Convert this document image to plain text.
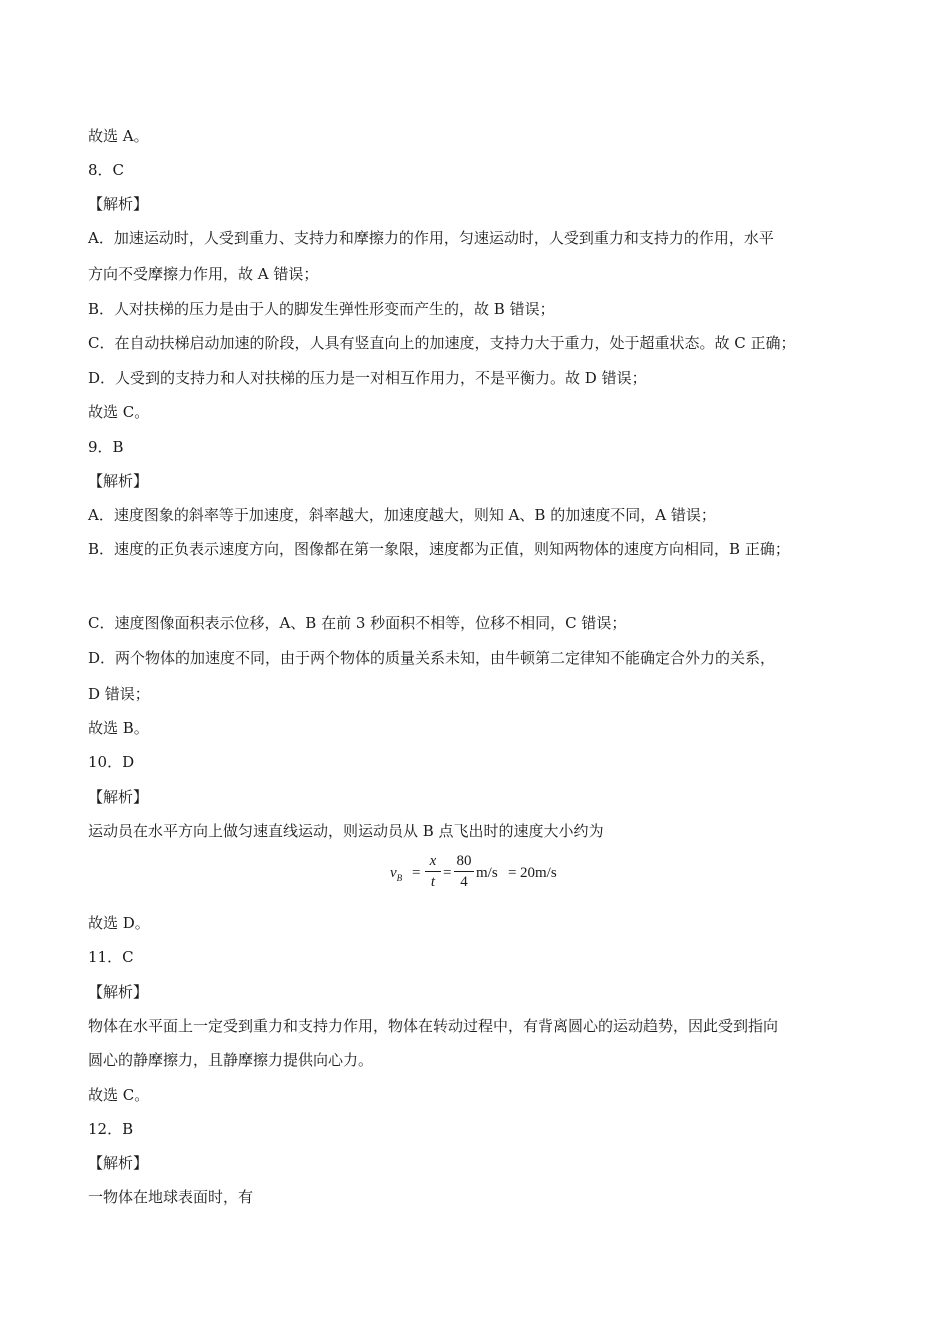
故选 A。
8．C
【解析】
A．加速运动时，人受到重力、支持力和摩擦力的作用，匀速运动时，人受到重力和支持力的作用，水平
方向不受摩擦力作用，故 A 错误；
B．人对扶梯的压力是由于人的脚发生弹性形变而产生的，故 B 错误；
C．在自动扶梯启动加速的阶段，人具有竖直向上的加速度，支持力大于重力，处于超重状态。故 C 正确；
D．人受到的支持力和人对扶梯的压力是一对相互作用力，不是平衡力。故 D 错误；
故选 C。
9．B
【解析】
A．速度图象的斜率等于加速度，斜率越大，加速度越大，则知 A、B 的加速度不同，A 错误；
B．速度的正负表示速度方向，图像都在第一象限，速度都为正值，则知两物体的速度方向相同，B 正确；
C．速度图像面积表示位移，A、B 在前 3 秒面积不相等，位移不相同，C 错误；
D．两个物体的加速度不同，由于两个物体的质量关系未知，由牛顿第二定律知不能确定合外力的关系，
D 错误；
故选 B。
10．D
【解析】
运动员在水平方向上做匀速直线运动，则运动员从 B 点飞出时的速度大小约为
$v_B$ =
x
t
=
80
4
m/s = 20m/s
故选 D。
11．C
【解析】
物体在水平面上一定受到重力和支持力作用，物体在转动过程中，有背离圆心的运动趋势，因此受到指向
圆心的静摩擦力，且静摩擦力提供向心力。
故选 C。
12．B
【解析】
一物体在地球表面时，有
